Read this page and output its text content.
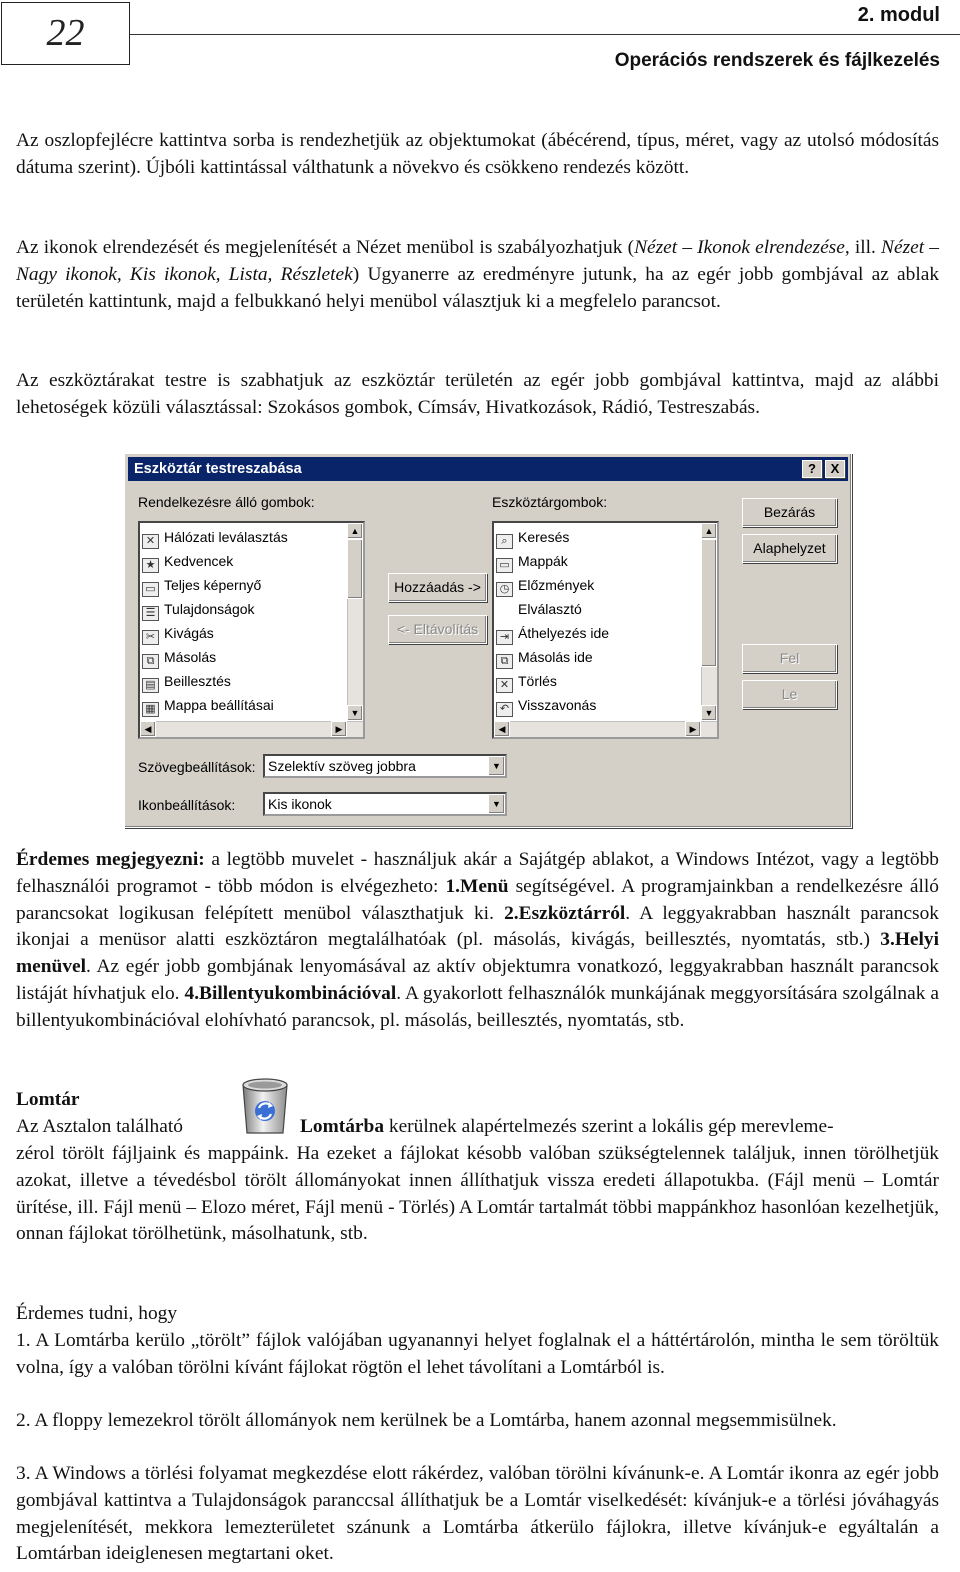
22	2. modul
Operációs rendszerek és fájlkezelés

Az oszlopfejlécre kattintva sorba is rendezhetjük az objektumokat (ábécérend, típus, méret, vagy az utolsó módosítás dátuma szerint). Újbóli kattintással válthatunk a növekvo és csökkeno rendezés között.

Az ikonok elrendezését és megjelenítését a Nézet menübol is szabályozhatjuk (Nézet – Ikonok elrendezése, ill. Nézet – Nagy ikonok, Kis ikonok, Lista, Részletek) Ugyanerre az eredményre jutunk, ha az egér jobb gombjával az ablak területén kattintunk, majd a felbukkanó helyi menübol választjuk ki a megfelelo parancsot.

Az eszköztárakat testre is szabhatjuk az eszköztár területén az egér jobb gombjával kattintva, majd az alábbi lehetoségek közüli választással: Szokásos gombok, Címsáv, Hivatkozások, Rádió, Testreszabás.

Eszköztár testreszabása	?	X
Rendelkezésre álló gombok:	Eszköztárgombok:
✕ Hálózati leválasztás
★ Kedvencek
▭ Teljes képernyő
☰ Tulajdonságok
✂ Kivágás
⧉ Másolás
▤ Beillesztés
▦ Mappa beállításai
▲
▼
◀	▶
Hozzáadás ->
<- Eltávolítás
⌕ Keresés
▭ Mappák
◷ Előzmények
Elválasztó
⇥ Áthelyezés ide
⧉ Másolás ide
✕ Törlés
↶ Visszavonás
▲
▼
◀	▶
Bezárás
Alaphelyzet
Fel
Le
Szövegbeállítások: Szelektív szöveg jobbra	▼
Ikonbeállítások:	Kis ikonok	▼

Érdemes megjegyezni: a legtöbb muvelet - használjuk akár a Sajátgép ablakot, a Windows Intézot, vagy a legtöbb felhasználói programot - több módon is elvégezheto: 1.Menü segítségével. A programjainkban a rendelkezésre álló parancsokat logikusan felépített menübol választhatjuk ki. 2.Eszköztárról. A leggyakrabban használt parancsok ikonjai a menüsor alatti eszköztáron megtalálhatóak (pl. másolás, kivágás, beillesztés, nyomtatás, stb.) 3.Helyi menüvel. Az egér jobb gombjának lenyomásával az aktív objektumra vonatkozó, leggyakrabban használt parancsok listáját hívhatjuk elo. 4.Billentyukombinációval. A gyakorlott felhasználók munkájának meggyorsítására szolgálnak a billentyukombinációval elohívható parancsok, pl. másolás, beillesztés, nyomtatás, stb.

Lomtár
Az Asztalon található	Lomtárba kerülnek alapértelmezés szerint a lokális gép merevleme-

zérol törölt fájljaink és mappáink. Ha ezeket a fájlokat késobb valóban szükségtelennek találjuk, innen törölhetjük azokat, illetve a tévedésbol törölt állományokat innen állíthatjuk vissza eredeti állapotukba. (Fájl menü – Lomtár ürítése, ill. Fájl menü – Elozo méret, Fájl menü - Törlés) A Lomtár tartalmát többi mappánkhoz hasonlóan kezelhetjük, onnan fájlokat törölhetünk, másolhatunk, stb.

Érdemes tudni, hogy

1. A Lomtárba kerülo „törölt” fájlok valójában ugyanannyi helyet foglalnak el a háttértárolón, mintha le sem töröltük volna, így a valóban törölni kívánt fájlokat rögtön el lehet távolítani a Lomtárból is.

2. A floppy lemezekrol törölt állományok nem kerülnek be a Lomtárba, hanem azonnal megsemmisülnek.

3. A Windows a törlési folyamat megkezdése elott rákérdez, valóban törölni kívánunk-e. A Lomtár ikonra az egér jobb gombjával kattintva a Tulajdonságok paranccsal állíthatjuk be a Lomtár viselkedését: kívánjuk-e a törlési jóváhagyás megjelenítését, mekkora lemezterületet szánunk a Lomtárba átkerülo fájlokra, illetve kívánjuk-e egyáltalán a Lomtárban ideiglenesen megtartani oket.
